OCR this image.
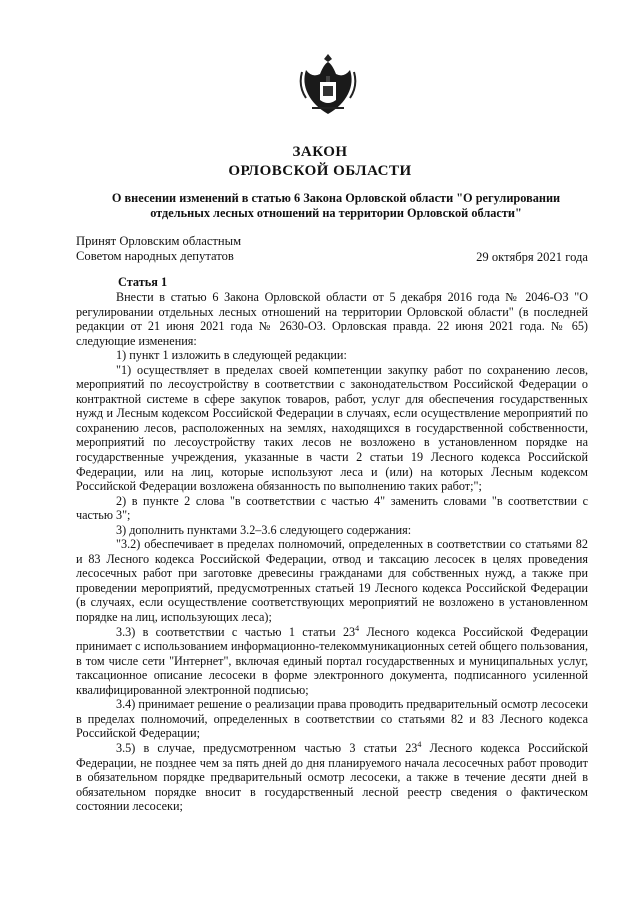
ЗАКОН
ОРЛОВСКОЙ ОБЛАСТИ
О внесении изменений в статью 6 Закона Орловской области "О регулировании
отдельных лесных отношений на территории Орловской области"
Принят Орловским областным
Советом народных депутатов	29 октября 2021 года
Статья 1

Внести в статью 6 Закона Орловской области от 5 декабря 2016 года № 2046-ОЗ "О регулировании отдельных лесных отношений на территории Орловской области" (в последней редакции от 21 июня 2021 года № 2630-ОЗ. Орловская правда. 22 июня 2021 года. № 65) следующие изменения:

1) пункт 1 изложить в следующей редакции:

"1) осуществляет в пределах своей компетенции закупку работ по сохранению лесов, мероприятий по лесоустройству в соответствии с законодательством Российской Федерации о контрактной системе в сфере закупок товаров, работ, услуг для обеспечения государственных нужд и Лесным кодексом Российской Федерации в случаях, если осуществление мероприятий по сохранению лесов, расположенных на землях, находящихся в государственной собственности, мероприятий по лесоустройству таких лесов не возложено в установленном порядке на государственные учреждения, указанные в части 2 статьи 19 Лесного кодекса Российской Федерации, или на лиц, которые используют леса и (или) на которых Лесным кодексом Российской Федерации возложена обязанность по выполнению таких работ;";

2) в пункте 2 слова "в соответствии с частью 4" заменить словами "в соответствии с частью 3";

3) дополнить пунктами 3.2–3.6 следующего содержания:

"3.2) обеспечивает в пределах полномочий, определенных в соответствии со статьями 82 и 83 Лесного кодекса Российской Федерации, отвод и таксацию лесосек в целях проведения лесосечных работ при заготовке древесины гражданами для собственных нужд, а также при проведении мероприятий, предусмотренных статьей 19 Лесного кодекса Российской Федерации (в случаях, если осуществление соответствующих мероприятий не возложено в установленном порядке на лиц, использующих леса);

3.3) в соответствии с частью 1 статьи $23^4$ Лесного кодекса Российской Федерации принимает с использованием информационно-телекоммуникационных сетей общего пользования, в том числе сети "Интернет", включая единый портал государственных и муниципальных услуг, таксационное описание лесосеки в форме электронного документа, подписанного усиленной квалифицированной электронной подписью;

3.4) принимает решение о реализации права проводить предварительный осмотр лесосеки в пределах полномочий, определенных в соответствии со статьями 82 и 83 Лесного кодекса Российской Федерации;

3.5) в случае, предусмотренном частью 3 статьи $23^4$ Лесного кодекса Российской Федерации, не позднее чем за пять дней до дня планируемого начала лесосечных работ проводит в обязательном порядке предварительный осмотр лесосеки, а также в течение десяти дней в обязательном порядке вносит в государственный лесной реестр сведения о фактическом состоянии лесосеки;
